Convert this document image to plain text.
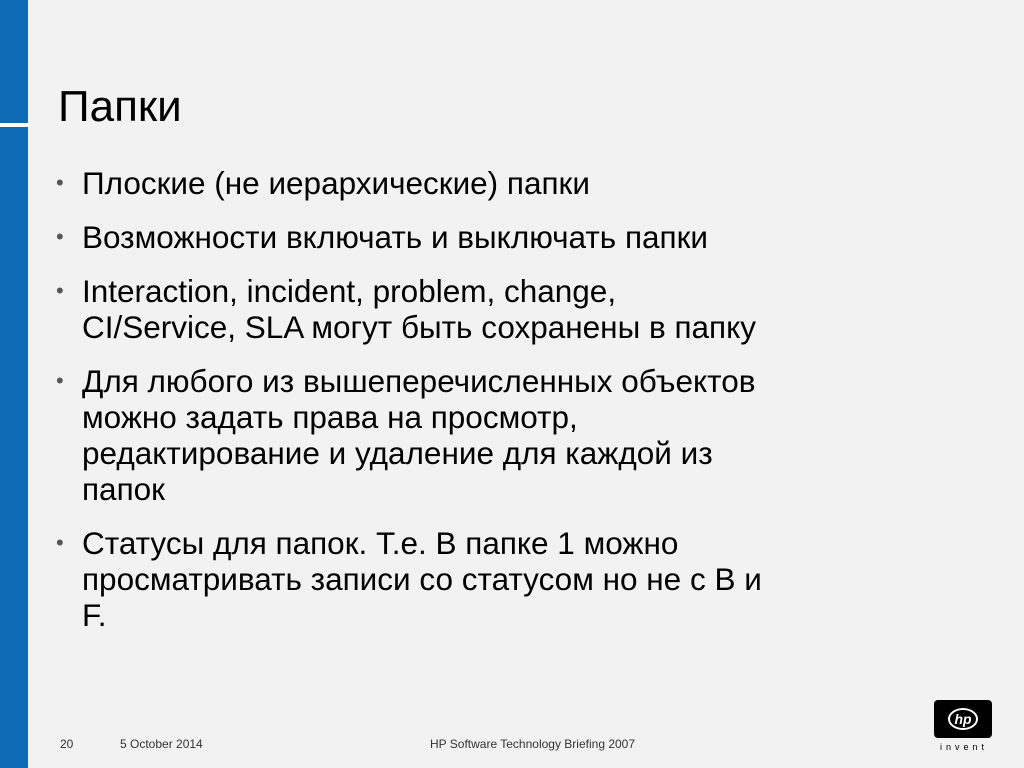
Папки
• Плоские (не иерархические) папки
• Возможности включать и выключать папки
• Interaction, incident, problem, change,
CI/Service, SLA могут быть сохранены в папку
• Для любого из вышеперечисленных объектов
можно задать права на просмотр,
редактирование и удаление для каждой из
папок
• Статусы для папок. Т.е. В папке 1 можно
просматривать записи со статусом но не с В и
F.
20	5 October 2014	HP Software Technology Briefing 2007
hp
invent
